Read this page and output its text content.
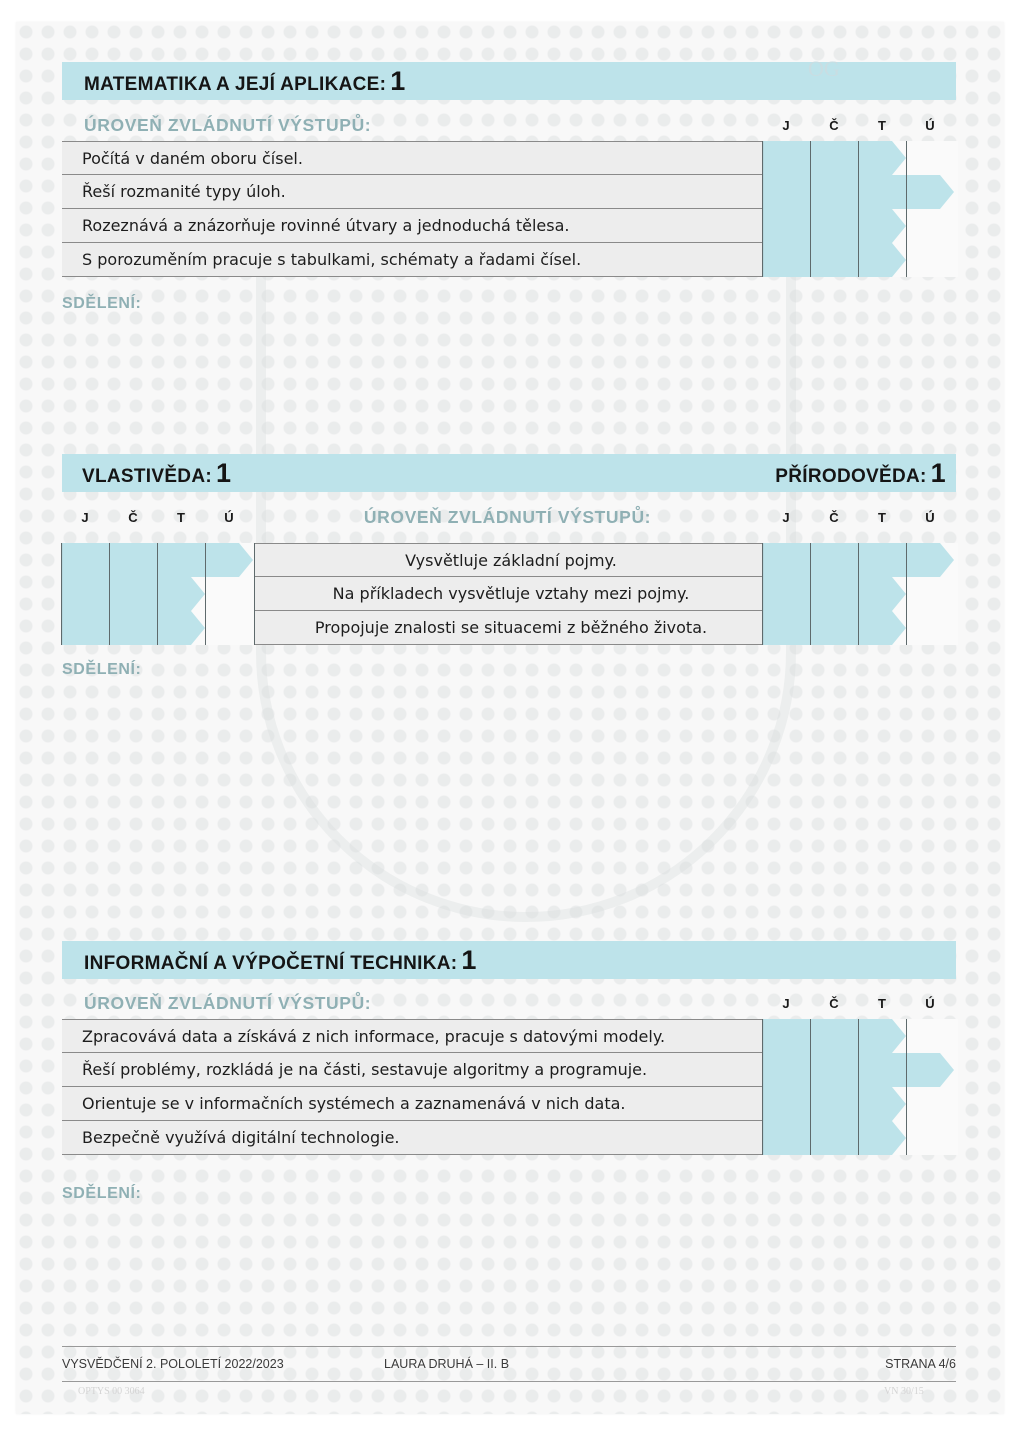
MATEMATIKA A JEJÍ APLIKACE: 1	OG
ÚROVEŇ ZVLÁDNUTÍ VÝSTUPŮ:	J	Č	T	Ú
Počítá v daném oboru čísel.
Řeší rozmanité typy úloh.
Rozeznává a znázorňuje rovinné útvary a jednoduchá tělesa.
S porozuměním pracuje s tabulkami, schématy a řadami čísel.
SDĚLENÍ:
VLASTIVĚDA: 1	PŘÍRODOVĚDA: 1
J	Č	T	Ú	ÚROVEŇ ZVLÁDNUTÍ VÝSTUPŮ:	J	Č	T	Ú
Vysvětluje základní pojmy.
Na příkladech vysvětluje vztahy mezi pojmy.
Propojuje znalosti se situacemi z běžného života.
SDĚLENÍ:
INFORMAČNÍ A VÝPOČETNÍ TECHNIKA: 1
ÚROVEŇ ZVLÁDNUTÍ VÝSTUPŮ:	J	Č	T	Ú
Zpracovává data a získává z nich informace, pracuje s datovými modely.
Řeší problémy, rozkládá je na části, sestavuje algoritmy a programuje.
Orientuje se v informačních systémech a zaznamenává v nich data.
Bezpečně využívá digitální technologie.
SDĚLENÍ:
VYSVĚDČENÍ 2. POLOLETÍ 2022/2023	LAURA DRUHÁ – II. B	STRANA 4/6
OPTYS 00 3064	VN 30/15
